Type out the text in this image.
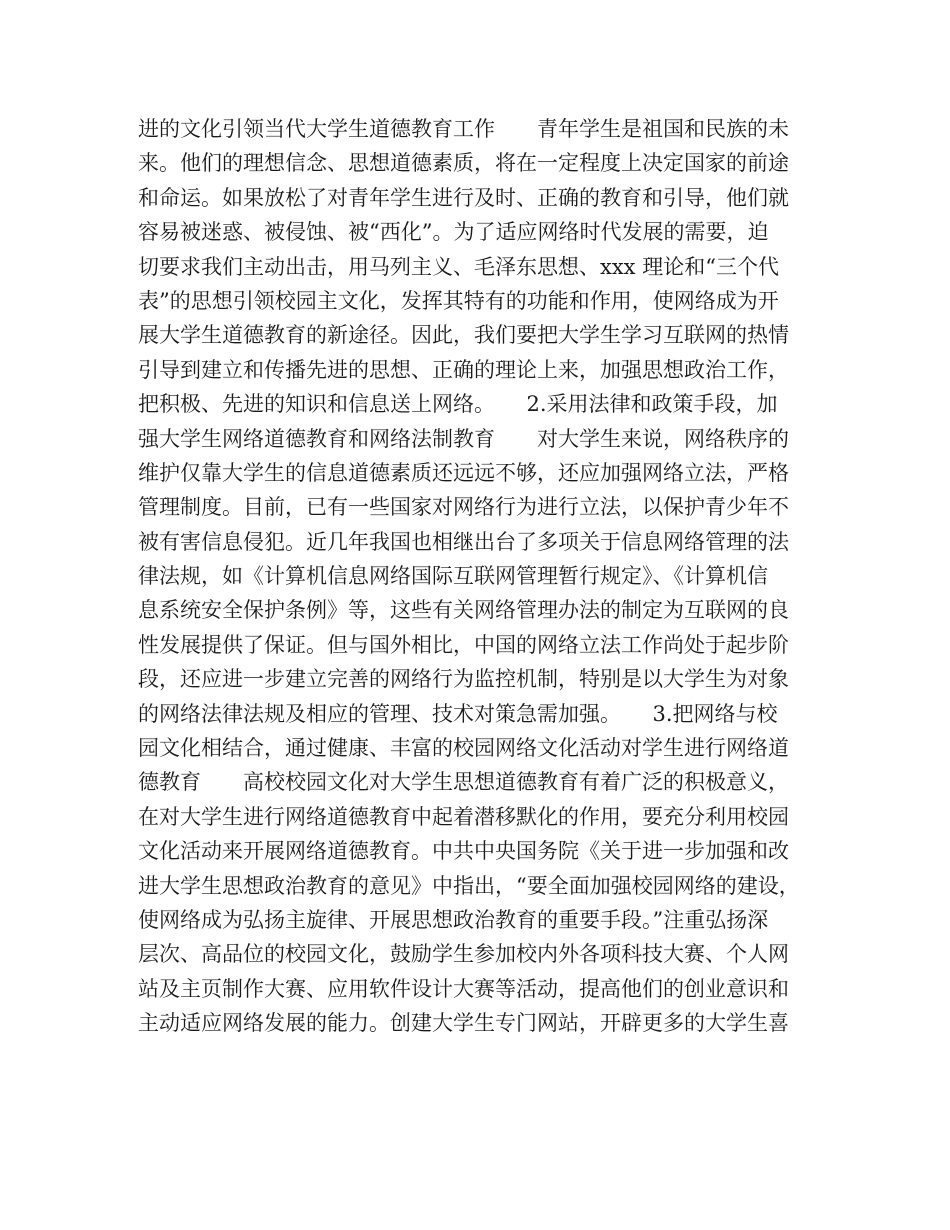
进的文化引领当代大学生道德教育工作　　青年学生是祖国和民族的未
来。他们的理想信念、思想道德素质，将在一定程度上决定国家的前途
和命运。如果放松了对青年学生进行及时、正确的教育和引导，他们就
容易被迷惑、被侵蚀、被“西化”。为了适应网络时代发展的需要，迫
切要求我们主动出击，用马列主义、毛泽东思想、xxx 理论和“三个代
表”的思想引领校园主文化，发挥其特有的功能和作用，使网络成为开
展大学生道德教育的新途径。因此，我们要把大学生学习互联网的热情
引导到建立和传播先进的思想、正确的理论上来，加强思想政治工作，
把积极、先进的知识和信息送上网络。　　2.采用法律和政策手段，加
强大学生网络道德教育和网络法制教育　　对大学生来说，网络秩序的
维护仅靠大学生的信息道德素质还远远不够，还应加强网络立法，严格
管理制度。目前，已有一些国家对网络行为进行立法，以保护青少年不
被有害信息侵犯。近几年我国也相继出台了多项关于信息网络管理的法
律法规，如《计算机信息网络国际互联网管理暂行规定》、《计算机信
息系统安全保护条例》等，这些有关网络管理办法的制定为互联网的良
性发展提供了保证。但与国外相比，中国的网络立法工作尚处于起步阶
段，还应进一步建立完善的网络行为监控机制，特别是以大学生为对象
的网络法律法规及相应的管理、技术对策急需加强。　　3.把网络与校
园文化相结合，通过健康、丰富的校园网络文化活动对学生进行网络道
德教育　　高校校园文化对大学生思想道德教育有着广泛的积极意义，
在对大学生进行网络道德教育中起着潜移默化的作用，要充分利用校园
文化活动来开展网络道德教育。中共中央国务院《关于进一步加强和改
进大学生思想政治教育的意见》中指出，“要全面加强校园网络的建设，
使网络成为弘扬主旋律、开展思想政治教育的重要手段。”注重弘扬深
层次、高品位的校园文化，鼓励学生参加校内外各项科技大赛、个人网
站及主页制作大赛、应用软件设计大赛等活动，提高他们的创业意识和
主动适应网络发展的能力。创建大学生专门网站，开辟更多的大学生喜
